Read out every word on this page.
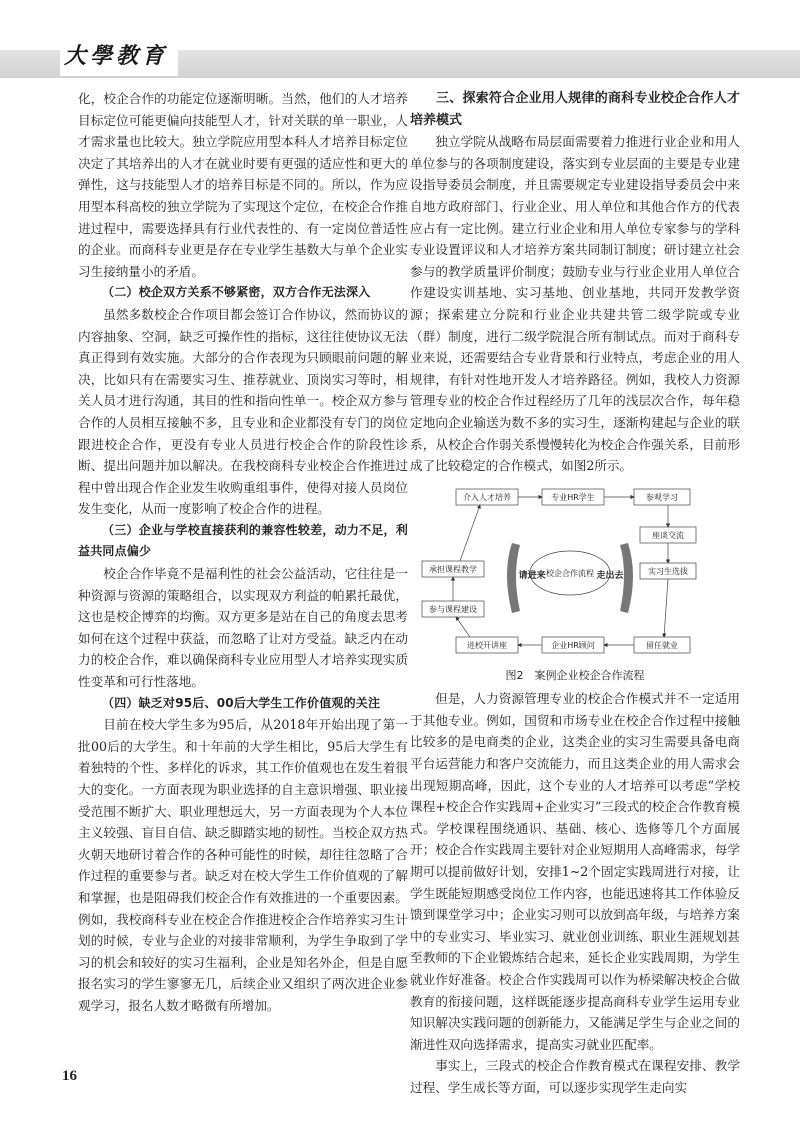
大學教育

化，校企合作的功能定位逐渐明晰。当然，他们的人才培养目标定位可能更偏向技能型人才，针对关联的单一职业，人才需求量也比较大。独立学院应用型本科人才培养目标定位决定了其培养出的人才在就业时要有更强的适应性和更大的弹性，这与技能型人才的培养目标是不同的。所以，作为应用型本科高校的独立学院为了实现这个定位，在校企合作推进过程中，需要选择具有行业代表性的、有一定岗位普适性的企业。而商科专业更是存在专业学生基数大与单个企业实习生接纳量小的矛盾。

（二）校企双方关系不够紧密，双方合作无法深入

虽然多数校企合作项目都会签订合作协议，然而协议的内容抽象、空洞，缺乏可操作性的指标，这往往使协议无法真正得到有效实施。大部分的合作表现为只顾眼前问题的解决，比如只有在需要实习生、推荐就业、顶岗实习等时，相关人员才进行沟通，其目的性和指向性单一。校企双方参与合作的人员相互接触不多，且专业和企业都没有专门的岗位跟进校企合作，更没有专业人员进行校企合作的阶段性诊断、提出问题并加以解决。在我校商科专业校企合作推进过程中曾出现合作企业发生收购重组事件，使得对接人员岗位发生变化，从而一度影响了校企合作的进程。

（三）企业与学校直接获利的兼容性较差，动力不足，利益共同点偏少

校企合作毕竟不是福利性的社会公益活动，它往往是一种资源与资源的策略组合，以实现双方利益的帕累托最优，这也是校企博弈的均衡。双方更多是站在自己的角度去思考如何在这个过程中获益，而忽略了让对方受益。缺乏内在动力的校企合作，难以确保商科专业应用型人才培养实现实质性变革和可行性落地。

（四）缺乏对95后、00后大学生工作价值观的关注

目前在校大学生多为95后，从2018年开始出现了第一批00后的大学生。和十年前的大学生相比，95后大学生有着独特的个性、多样化的诉求，其工作价值观也在发生着很大的变化。一方面表现为职业选择的自主意识增强、职业接受范围不断扩大、职业理想远大，另一方面表现为个人本位主义较强、盲目自信、缺乏脚踏实地的韧性。当校企双方热火朝天地研讨着合作的各种可能性的时候，却往往忽略了合作过程的重要参与者。缺乏对在校大学生工作价值观的了解和掌握，也是阻碍我们校企合作有效推进的一个重要因素。例如，我校商科专业在校企合作推进校企合作培养实习生计划的时候，专业与企业的对接非常顺利，为学生争取到了学习的机会和较好的实习生福利，企业是知名外企，但是自愿报名实习的学生寥寥无几，后续企业又组织了两次进企业参观学习，报名人数才略微有所增加。

三、探索符合企业用人规律的商科专业校企合作人才培养模式

独立学院从战略布局层面需要着力推进行业企业和用人单位参与的各项制度建设，落实到专业层面的主要是专业建设指导委员会制度，并且需要规定专业建设指导委员会中来自地方政府部门、行业企业、用人单位和其他合作方的代表应占有一定比例。建立行业企业和用人单位专家参与的学科专业设置评议和人才培养方案共同制订制度；研讨建立社会参与的教学质量评价制度；鼓励专业与行业企业用人单位合作建设实训基地、实习基地、创业基地，共同开发教学资源；探索建立分院和行业企业共建共管二级学院或专业（群）制度，进行二级学院混合所有制试点。而对于商科专业来说，还需要结合专业背景和行业特点，考虑企业的用人规律，有针对性地开发人才培养路径。例如，我校人力资源管理专业的校企合作过程经历了几年的浅层次合作，每年稳定地向企业输送为数不多的实习生，逐渐构建起与企业的联系，从校企合作弱关系慢慢转化为校企合作强关系，目前形成了比较稳定的合作模式，如图2所示。

介入人才培养	专业HR学生	参观学习
座谈交流
实习生选拔
留任就业
企业HR顾问
进校开讲座
承担课程教学
参与课程建设
校企合作流程
请进来	走出去
图2　案例企业校企合作流程

但是，人力资源管理专业的校企合作模式并不一定适用于其他专业。例如，国贸和市场专业在校企合作过程中接触比较多的是电商类的企业，这类企业的实习生需要具备电商平台运营能力和客户交流能力，而且这类企业的用人需求会出现短期高峰，因此，这个专业的人才培养可以考虑“学校课程+校企合作实践周+企业实习”三段式的校企合作教育模式。学校课程围绕通识、基础、核心、选修等几个方面展开；校企合作实践周主要针对企业短期用人高峰需求，每学期可以提前做好计划，安排1~2个固定实践周进行对接，让学生既能短期感受岗位工作内容，也能迅速将其工作体验反馈到课堂学习中；企业实习则可以放到高年级，与培养方案中的专业实习、毕业实习、就业创业训练、职业生涯规划甚至教师的下企业锻炼结合起来，延长企业实践周期，为学生就业作好准备。校企合作实践周可以作为桥梁解决校企合做教育的衔接问题，这样既能逐步提高商科专业学生运用专业知识解决实践问题的创新能力，又能满足学生与企业之间的渐进性双向选择需求，提高实习就业匹配率。

事实上，三段式的校企合作教育模式在课程安排、教学过程、学生成长等方面，可以逐步实现学生走向实

16
